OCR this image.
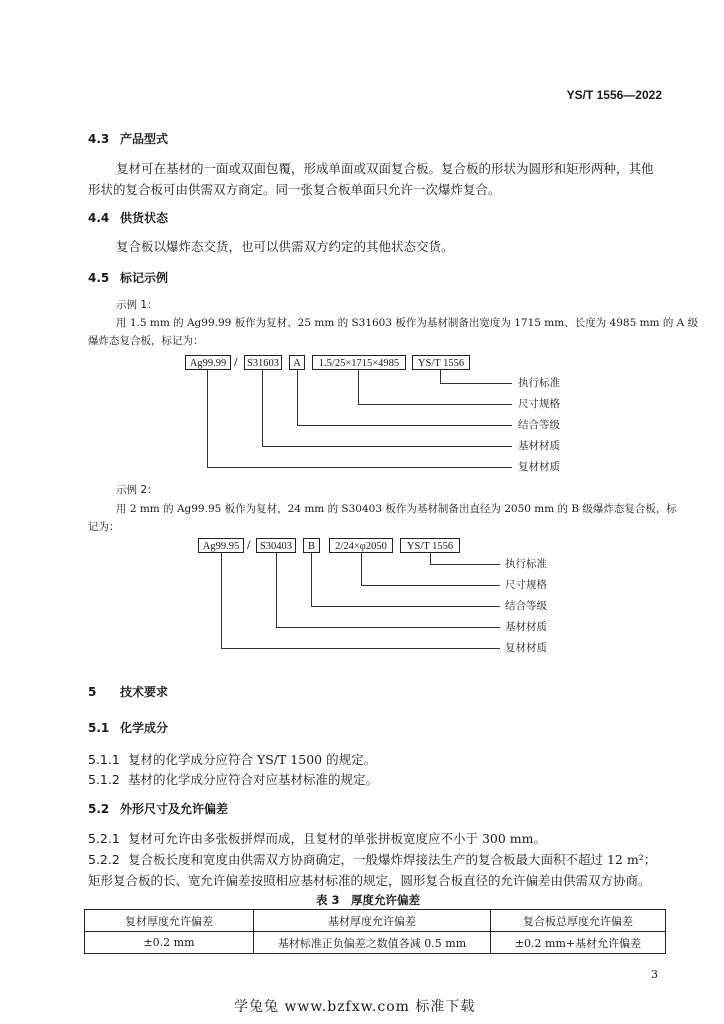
YS/T 1556—2022
4.3 产品型式
复材可在基材的一面或双面包覆，形成单面或双面复合板。复合板的形状为圆形和矩形两种，其他
形状的复合板可由供需双方商定。同一张复合板单面只允许一次爆炸复合。
4.4 供货状态
复合板以爆炸态交货，也可以供需双方约定的其他状态交货。
4.5 标记示例
示例 1：
用 1.5 mm 的 Ag99.99 板作为复材、25 mm 的 S31603 板作为基材制备出宽度为 1715 mm、长度为 4985 mm 的 A 级
爆炸态复合板，标记为：
Ag99.99 / S31603	A	1.5/25×1715×4985	YS/T 1556
执行标准
尺寸规格
结合等级
基材材质
复材材质
示例 2：
用 2 mm 的 Ag99.95 板作为复材，24 mm 的 S30403 板作为基材制备出直径为 2050 mm 的 B 级爆炸态复合板，标
记为：
Ag99.95 / S30403	B	2/24×φ2050	YS/T 1556
执行标准
尺寸规格
结合等级
基材材质
复材材质
5 技术要求
5.1 化学成分
5.1.1 复材的化学成分应符合 YS/T 1500 的规定。
5.1.2 基材的化学成分应符合对应基材标准的规定。
5.2 外形尺寸及允许偏差
5.2.1 复材可允许由多张板拼焊而成，且复材的单张拼板宽度应不小于 300 mm。
5.2.2 复合板长度和宽度由供需双方协商确定，一般爆炸焊接法生产的复合板最大面积不超过 12 m²；
矩形复合板的长、宽允许偏差按照相应基材标准的规定，圆形复合板直径的允许偏差由供需双方协商。
表 3　厚度允许偏差
复材厚度允许偏差	基材厚度允许偏差	复合板总厚度允许偏差
±0.2 mm	基材标准正负偏差之数值各减 0.5 mm	±0.2 mm+基材允许偏差
3
学兔兔 www.bzfxw.com 标准下载
